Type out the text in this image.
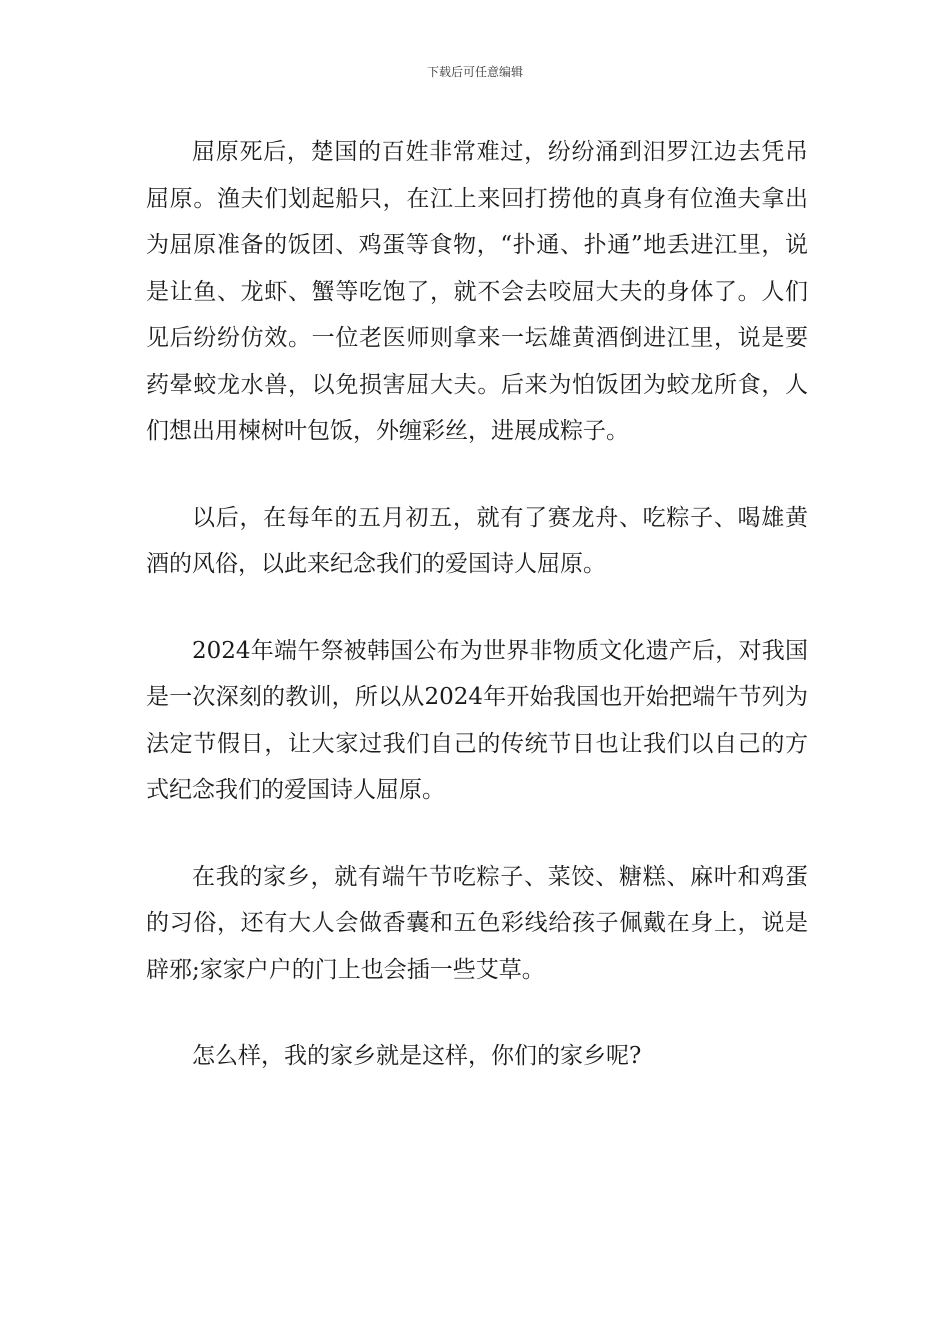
下载后可任意编辑

屈原死后，楚国的百姓非常难过，纷纷涌到汨罗江边去凭吊屈原。渔夫们划起船只，在江上来回打捞他的真身有位渔夫拿出为屈原准备的饭团、鸡蛋等食物，“扑通、扑通”地丢进江里，说是让鱼、龙虾、蟹等吃饱了，就不会去咬屈大夫的身体了。人们见后纷纷仿效。一位老医师则拿来一坛雄黄酒倒进江里，说是要药晕蛟龙水兽，以免损害屈大夫。后来为怕饭团为蛟龙所食，人们想出用楝树叶包饭，外缠彩丝，进展成粽子。

以后，在每年的五月初五，就有了赛龙舟、吃粽子、喝雄黄酒的风俗，以此来纪念我们的爱国诗人屈原。

2024年端午祭被韩国公布为世界非物质文化遗产后，对我国是一次深刻的教训，所以从2024年开始我国也开始把端午节列为法定节假日，让大家过我们自己的传统节日也让我们以自己的方式纪念我们的爱国诗人屈原。

在我的家乡，就有端午节吃粽子、菜饺、糖糕、麻叶和鸡蛋的习俗，还有大人会做香囊和五色彩线给孩子佩戴在身上，说是辟邪;家家户户的门上也会插一些艾草。

怎么样，我的家乡就是这样，你们的家乡呢?
